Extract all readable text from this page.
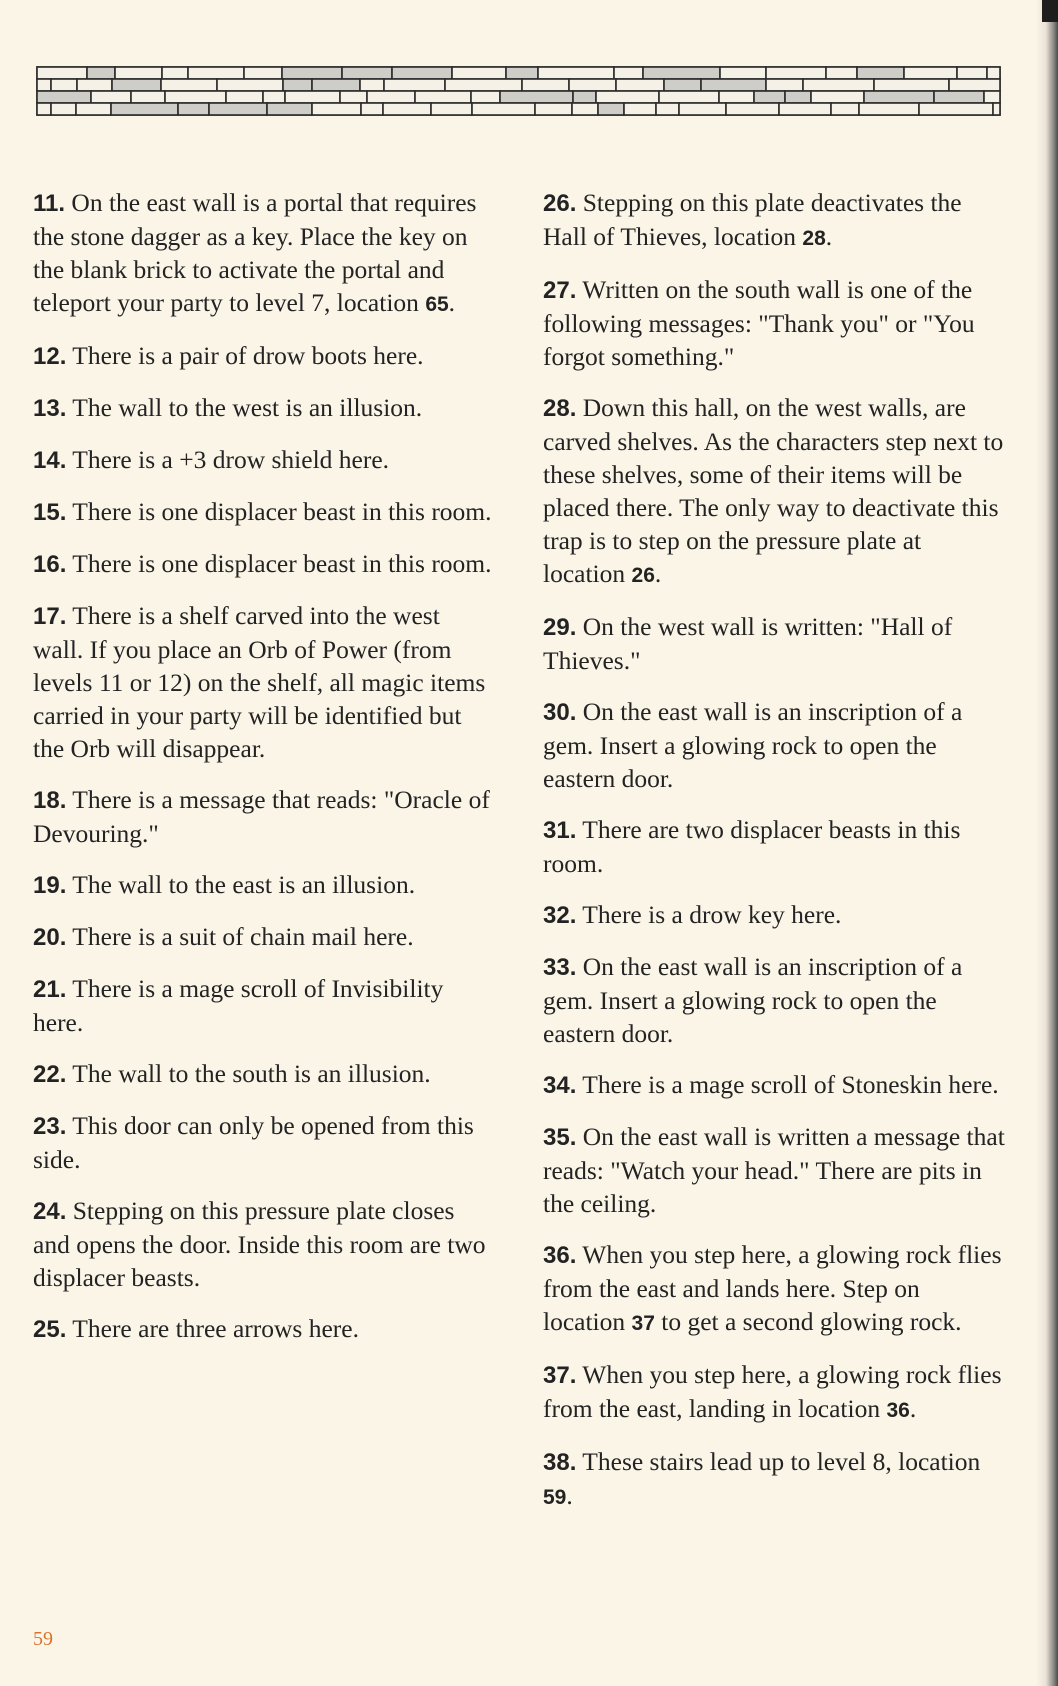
11. On the east wall is a portal that requires the stone dagger as a key. Place the key on the blank brick to activate the portal and teleport your party to level 7, location 65.

12. There is a pair of drow boots here.

13. The wall to the west is an illusion.

14. There is a +3 drow shield here.

15. There is one displacer beast in this room.

16. There is one displacer beast in this room.

17. There is a shelf carved into the west wall. If you place an Orb of Power (from levels 11 or 12) on the shelf, all magic items carried in your party will be identified but the Orb will disappear.

18. There is a message that reads: "Oracle of Devouring."

19. The wall to the east is an illusion.

20. There is a suit of chain mail here.

21. There is a mage scroll of Invisibility here.

22. The wall to the south is an illusion.

23. This door can only be opened from this side.

24. Stepping on this pressure plate closes and opens the door. Inside this room are two displacer beasts.

25. There are three arrows here.

26. Stepping on this plate deactivates the Hall of Thieves, location 28.

27. Written on the south wall is one of the following messages: "Thank you" or "You forgot something."

28. Down this hall, on the west walls, are carved shelves. As the characters step next to these shelves, some of their items will be placed there. The only way to deactivate this trap is to step on the pressure plate at location 26.

29. On the west wall is written: "Hall of Thieves."

30. On the east wall is an inscription of a gem. Insert a glowing rock to open the eastern door.

31. There are two displacer beasts in this room.

32. There is a drow key here.

33. On the east wall is an inscription of a gem. Insert a glowing rock to open the eastern door.

34. There is a mage scroll of Stoneskin here.

35. On the east wall is written a message that reads: "Watch your head." There are pits in the ceiling.

36. When you step here, a glowing rock flies from the east and lands here. Step on location 37 to get a second glowing rock.

37. When you step here, a glowing rock flies from the east, landing in location 36.

38. These stairs lead up to level 8, location 59.

59
